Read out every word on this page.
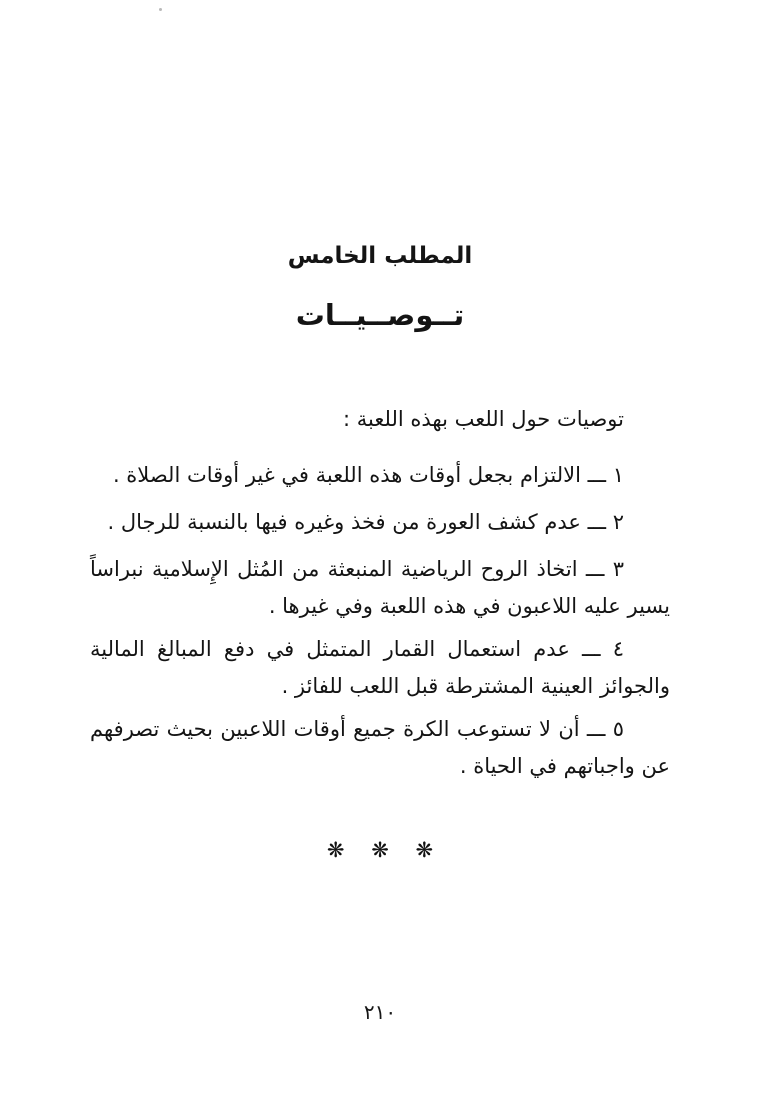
المطلب الخامس
تــوصــيــات

توصيات حول اللعب بهذه اللعبة :

١ ـــ الالتزام بجعل أوقات هذه اللعبة في غير أوقات الصلاة .

٢ ـــ عدم كشف العورة من فخذ وغيره فيها بالنسبة للرجال .

٣ ـــ اتخاذ الروح الرياضية المنبعثة من المُثل الإِسلامية نبراساً يسير عليه اللاعبون في هذه اللعبة وفي غيرها .

٤ ـــ عدم استعمال القمار المتمثل في دفع المبالغ المالية والجوائز العينية المشترطة قبل اللعب للفائز .

٥ ـــ أن لا تستوعب الكرة جميع أوقات اللاعبين بحيث تصرفهم عن واجباتهم في الحياة .

❋ ❋ ❋
٢١٠
